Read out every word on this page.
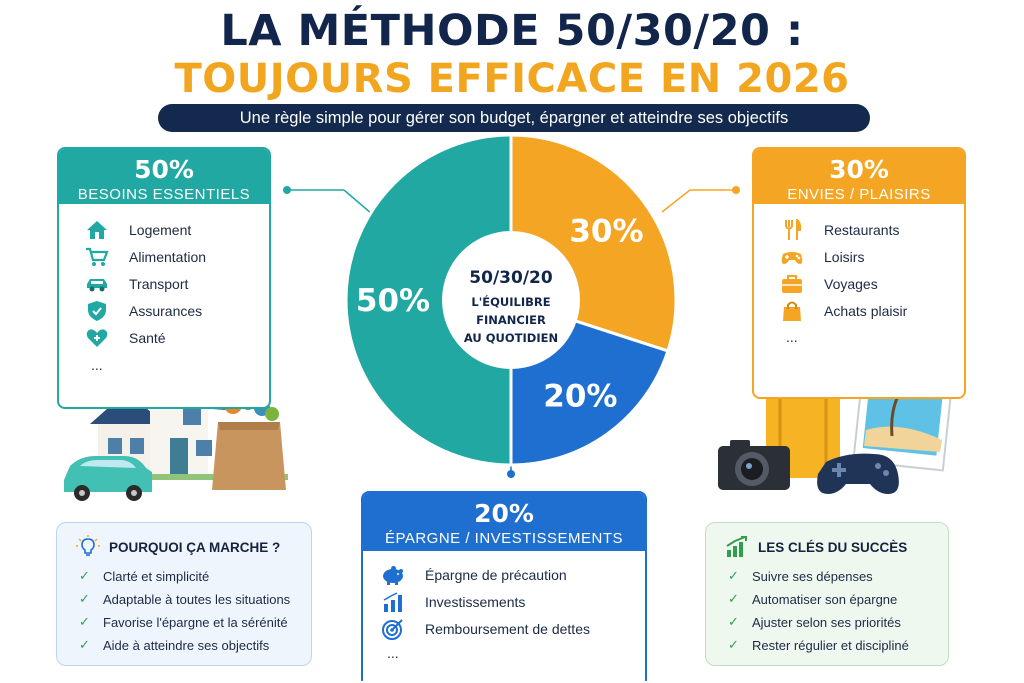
LA MÉTHODE 50/30/20 :
TOUJOURS EFFICACE EN 2026
Une règle simple pour gérer son budget, épargner et atteindre ses objectifs
50%
30%
20%
50/30/20
L'ÉQUILIBRE
FINANCIER
AU QUOTIDIEN
50%
BESOINS ESSENTIELS
Logement
Alimentation
Transport
Assurances
Santé
...
30%
ENVIES / PLAISIRS
Restaurants
Loisirs
Voyages
Achats plaisir
...
20%
ÉPARGNE / INVESTISSEMENTS
Épargne de précaution
Investissements
Remboursement de dettes
...
POURQUOI ÇA MARCHE ?
✓ Clarté et simplicité
✓ Adaptable à toutes les situations
✓ Favorise l'épargne et la sérénité
✓ Aide à atteindre ses objectifs
LES CLÉS DU SUCCÈS
✓ Suivre ses dépenses
✓ Automatiser son épargne
✓ Ajuster selon ses priorités
✓ Rester régulier et discipliné
